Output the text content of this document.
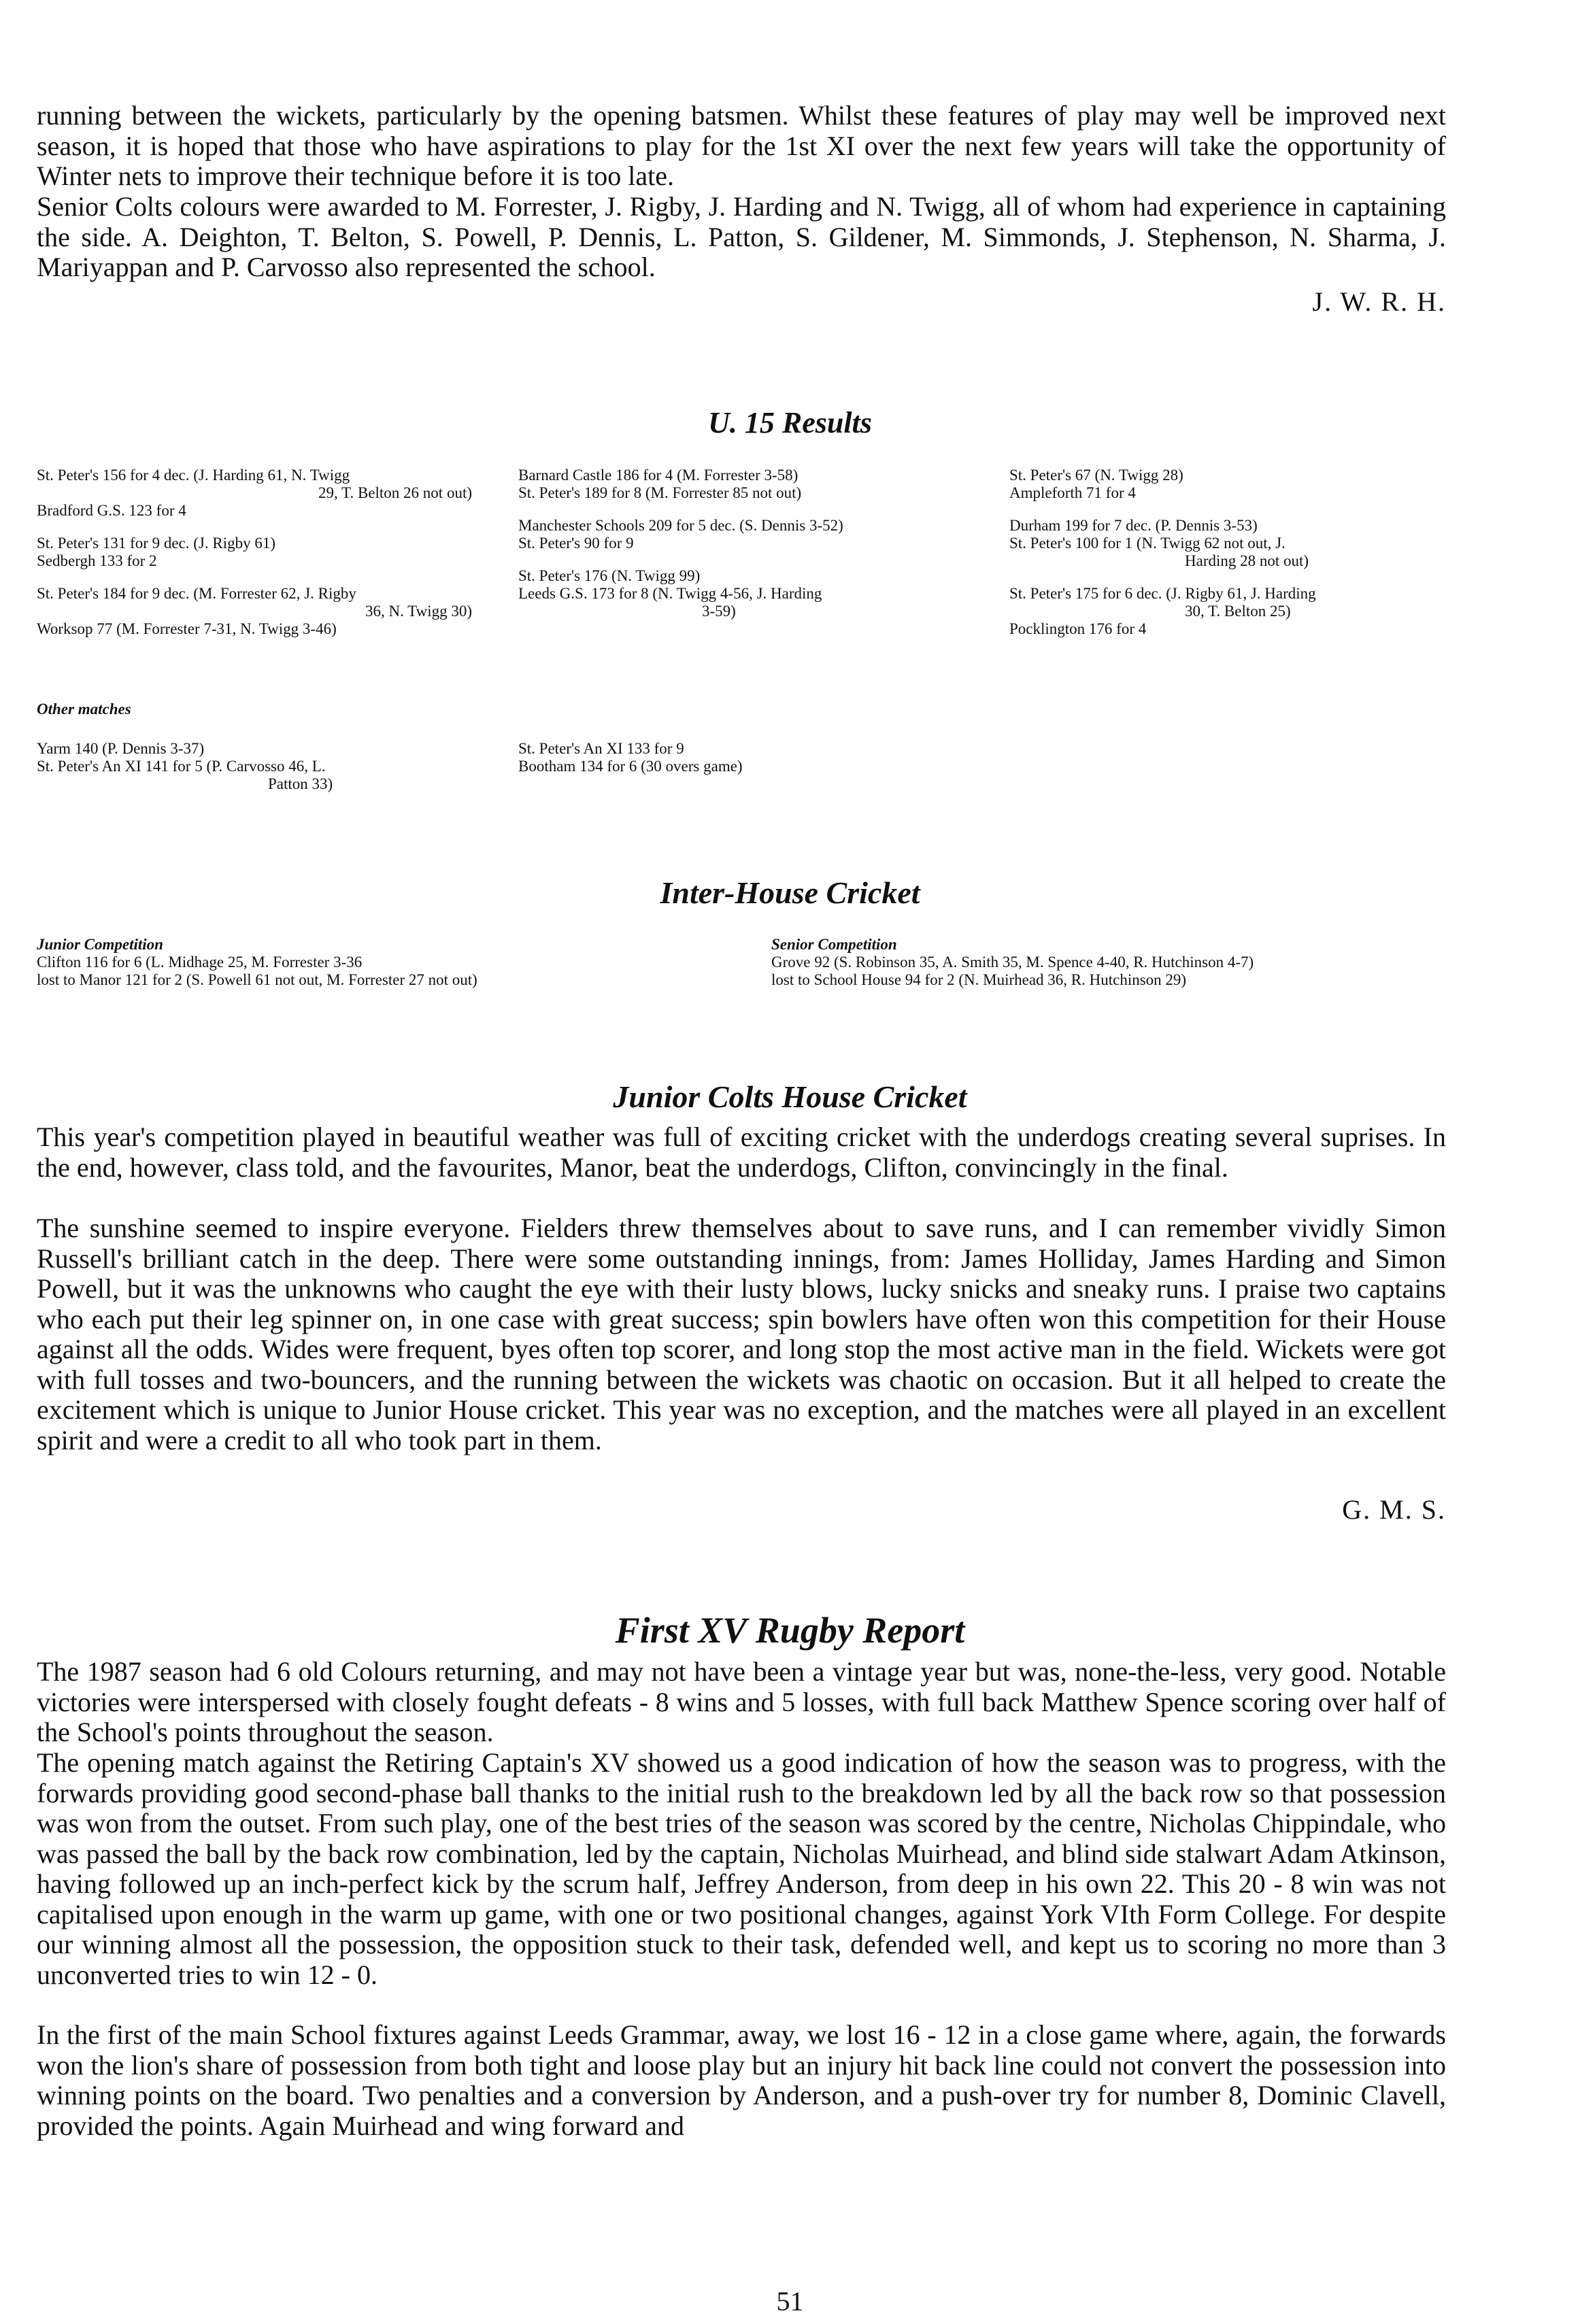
running between the wickets, particularly by the opening batsmen. Whilst these features of play may well be improved next season, it is hoped that those who have aspirations to play for the 1st XI over the next few years will take the opportunity of Winter nets to improve their technique before it is too late.

Senior Colts colours were awarded to M. Forrester, J. Rigby, J. Harding and N. Twigg, all of whom had experience in captaining the side. A. Deighton, T. Belton, S. Powell, P. Dennis, L. Patton, S. Gildener, M. Simmonds, J. Stephenson, N. Sharma, J. Mariyappan and P. Carvosso also represented the school.

J. W. R. H.
U. 15 Results
St. Peter's 156 for 4 dec. (J. Harding 61, N. Twigg
29, T. Belton 26 not out)
Bradford G.S. 123 for 4
St. Peter's 131 for 9 dec. (J. Rigby 61)
Sedbergh 133 for 2
St. Peter's 184 for 9 dec. (M. Forrester 62, J. Rigby
36, N. Twigg 30)
Worksop 77 (M. Forrester 7-31, N. Twigg 3-46)
Barnard Castle 186 for 4 (M. Forrester 3-58)
St. Peter's 189 for 8 (M. Forrester 85 not out)
Manchester Schools 209 for 5 dec. (S. Dennis 3-52)
St. Peter's 90 for 9
St. Peter's 176 (N. Twigg 99)
Leeds G.S. 173 for 8 (N. Twigg 4-56, J. Harding
3-59)
St. Peter's 67 (N. Twigg 28)
Ampleforth 71 for 4
Durham 199 for 7 dec. (P. Dennis 3-53)
St. Peter's 100 for 1 (N. Twigg 62 not out, J.
Harding 28 not out)
St. Peter's 175 for 6 dec. (J. Rigby 61, J. Harding
30, T. Belton 25)
Pocklington 176 for 4
Other matches
Yarm 140 (P. Dennis 3-37)
St. Peter's An XI 141 for 5 (P. Carvosso 46, L.
Patton 33)
St. Peter's An XI 133 for 9
Bootham 134 for 6 (30 overs game)
Inter-House Cricket
Junior Competition
Clifton 116 for 6 (L. Midhage 25, M. Forrester 3-36
lost to Manor 121 for 2 (S. Powell 61 not out, M. Forrester 27 not out)
Senior Competition
Grove 92 (S. Robinson 35, A. Smith 35, M. Spence 4-40, R. Hutchinson 4-7)
lost to School House 94 for 2 (N. Muirhead 36, R. Hutchinson 29)
Junior Colts House Cricket

This year's competition played in beautiful weather was full of exciting cricket with the underdogs creating several suprises. In the end, however, class told, and the favourites, Manor, beat the underdogs, Clifton, convincingly in the final.

The sunshine seemed to inspire everyone. Fielders threw themselves about to save runs, and I can remember vividly Simon Russell's brilliant catch in the deep. There were some outstanding innings, from: James Holliday, James Harding and Simon Powell, but it was the unknowns who caught the eye with their lusty blows, lucky snicks and sneaky runs. I praise two captains who each put their leg spinner on, in one case with great success; spin bowlers have often won this competition for their House against all the odds. Wides were frequent, byes often top scorer, and long stop the most active man in the field. Wickets were got with full tosses and two-bouncers, and the running between the wickets was chaotic on occasion. But it all helped to create the excitement which is unique to Junior House cricket. This year was no exception, and the matches were all played in an excellent spirit and were a credit to all who took part in them.

G. M. S.
First XV Rugby Report

The 1987 season had 6 old Colours returning, and may not have been a vintage year but was, none-the-less, very good. Notable victories were interspersed with closely fought defeats - 8 wins and 5 losses, with full back Matthew Spence scoring over half of the School's points throughout the season.

The opening match against the Retiring Captain's XV showed us a good indication of how the season was to progress, with the forwards providing good second-phase ball thanks to the initial rush to the breakdown led by all the back row so that possession was won from the outset. From such play, one of the best tries of the season was scored by the centre, Nicholas Chippindale, who was passed the ball by the back row combination, led by the captain, Nicholas Muirhead, and blind side stalwart Adam Atkinson, having followed up an inch-perfect kick by the scrum half, Jeffrey Anderson, from deep in his own 22. This 20 - 8 win was not capitalised upon enough in the warm up game, with one or two positional changes, against York VIth Form College. For despite our winning almost all the possession, the opposition stuck to their task, defended well, and kept us to scoring no more than 3 unconverted tries to win 12 - 0.

In the first of the main School fixtures against Leeds Grammar, away, we lost 16 - 12 in a close game where, again, the forwards won the lion's share of possession from both tight and loose play but an injury hit back line could not convert the possession into winning points on the board. Two penalties and a conversion by Anderson, and a push-over try for number 8, Dominic Clavell, provided the points. Again Muirhead and wing forward and

51
